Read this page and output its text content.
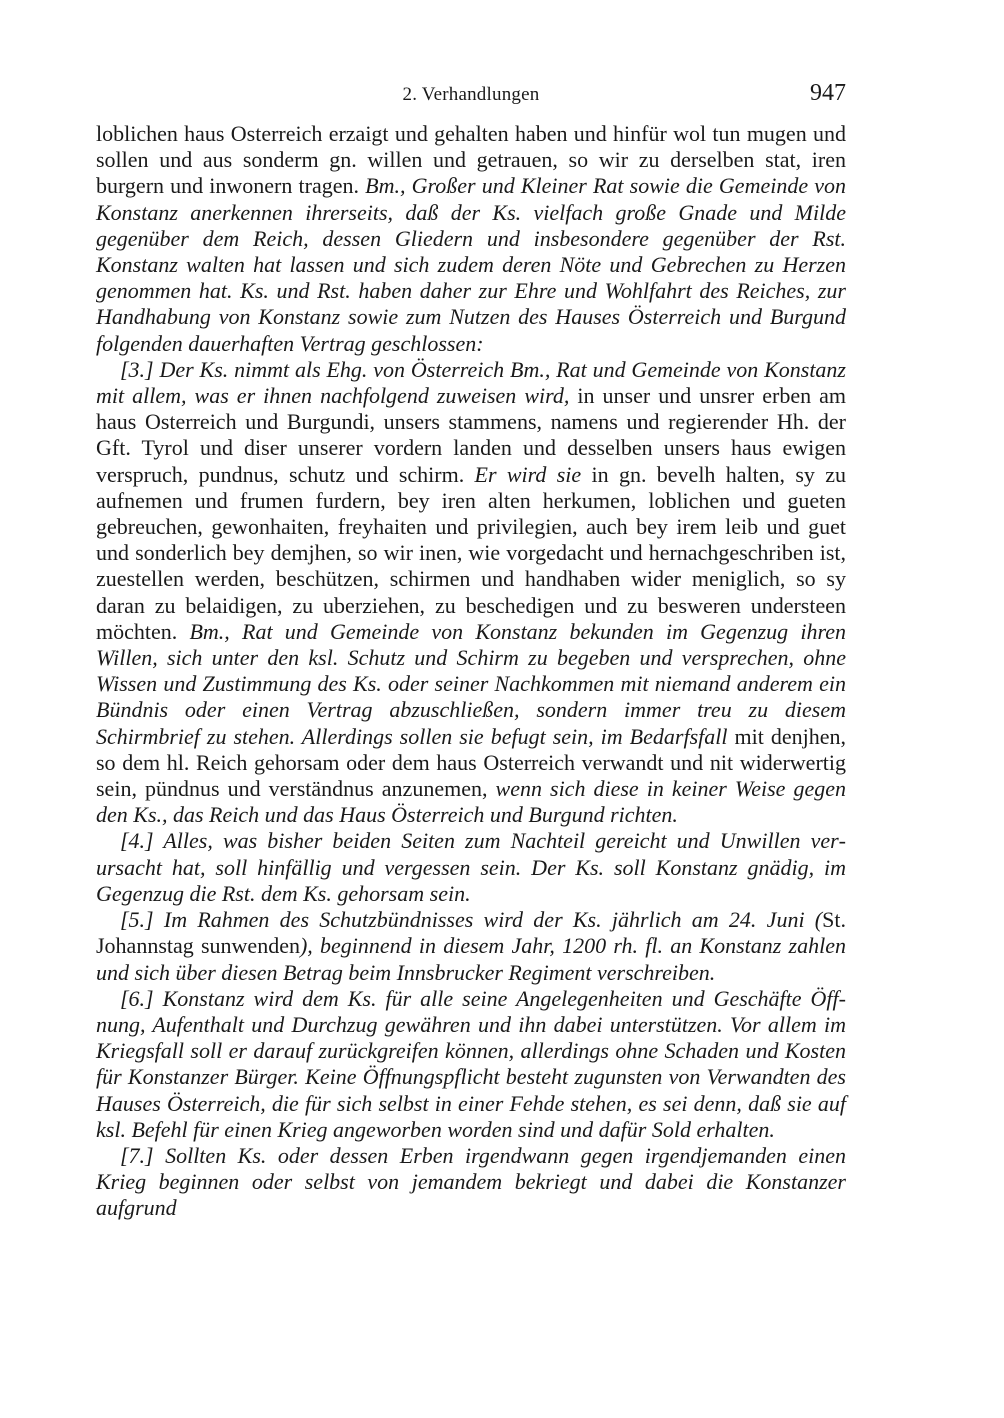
2. Verhandlungen	947

loblichen haus Osterreich erzaigt und gehalten haben und hinfür wol tun mugen und sollen und aus sonderm gn. willen und getrauen, so wir zu derselben stat, iren burgern und inwonern tragen. Bm., Großer und Kleiner Rat sowie die Gemeinde von Konstanz anerkennen ihrerseits, daß der Ks. vielfach große Gnade und Milde gegenüber dem Reich, dessen Gliedern und insbesondere gegenüber der Rst. Konstanz walten hat lassen und sich zudem deren Nöte und Gebrechen zu Herzen genommen hat. Ks. und Rst. haben daher zur Ehre und Wohlfahrt des Reiches, zur Handhabung von Konstanz sowie zum Nutzen des Hauses Österreich und Burgund folgenden dauerhaften Vertrag geschlossen:

[3.] Der Ks. nimmt als Ehg. von Österreich Bm., Rat und Gemeinde von Konstanz mit allem, was er ihnen nachfolgend zuweisen wird, in unser und unsrer erben am haus Osterreich und Burgundi, unsers stammens, namens und regierender Hh. der Gft. Tyrol und diser unserer vordern landen und desselben unsers haus ewigen verspruch, pundnus, schutz und schirm. Er wird sie in gn. bevelh halten, sy zu aufnemen und frumen furdern, bey iren alten herkumen, loblichen und gueten gebreuchen, gewonhaiten, freyhaiten und privilegien, auch bey irem leib und guet und sonderlich bey demjhen, so wir inen, wie vorgedacht und hernachgeschriben ist, zuestellen werden, beschützen, schirmen und handhaben wider meniglich, so sy daran zu belaidigen, zu uberziehen, zu beschedigen und zu besweren understeen möchten. Bm., Rat und Gemeinde von Konstanz bekunden im Gegenzug ihren Willen, sich unter den ksl. Schutz und Schirm zu begeben und versprechen, ohne Wissen und Zustimmung des Ks. oder seiner Nachkommen mit niemand anderem ein Bündnis oder einen Vertrag abzuschließen, sondern immer treu zu diesem Schirmbrief zu stehen. Allerdings sollen sie befugt sein, im Bedarfsfall mit denjhen, so dem hl. Reich gehorsam oder dem haus Osterreich verwandt und nit widerwertig sein, pündnus und verständnus anzunemen, wenn sich diese in keiner Weise gegen den Ks., das Reich und das Haus Österreich und Burgund richten.

[4.] Alles, was bisher beiden Seiten zum Nachteil gereicht und Unwillen verursacht hat, soll hinfällig und vergessen sein. Der Ks. soll Konstanz gnädig, im Gegenzug die Rst. dem Ks. gehorsam sein.

[5.] Im Rahmen des Schutzbündnisses wird der Ks. jährlich am 24. Juni (St. Johannstag sunwenden), beginnend in diesem Jahr, 1200 rh. fl. an Konstanz zahlen und sich über diesen Betrag beim Innsbrucker Regiment verschreiben.

[6.] Konstanz wird dem Ks. für alle seine Angelegenheiten und Geschäfte Öffnung, Aufenthalt und Durchzug gewähren und ihn dabei unterstützen. Vor allem im Kriegsfall soll er darauf zurückgreifen können, allerdings ohne Schaden und Kosten für Konstanzer Bürger. Keine Öffnungspflicht besteht zugunsten von Verwandten des Hauses Österreich, die für sich selbst in einer Fehde stehen, es sei denn, daß sie auf ksl. Befehl für einen Krieg angeworben worden sind und dafür Sold erhalten.

[7.] Sollten Ks. oder dessen Erben irgendwann gegen irgendjemanden einen Krieg beginnen oder selbst von jemandem bekriegt und dabei die Konstanzer aufgrund
